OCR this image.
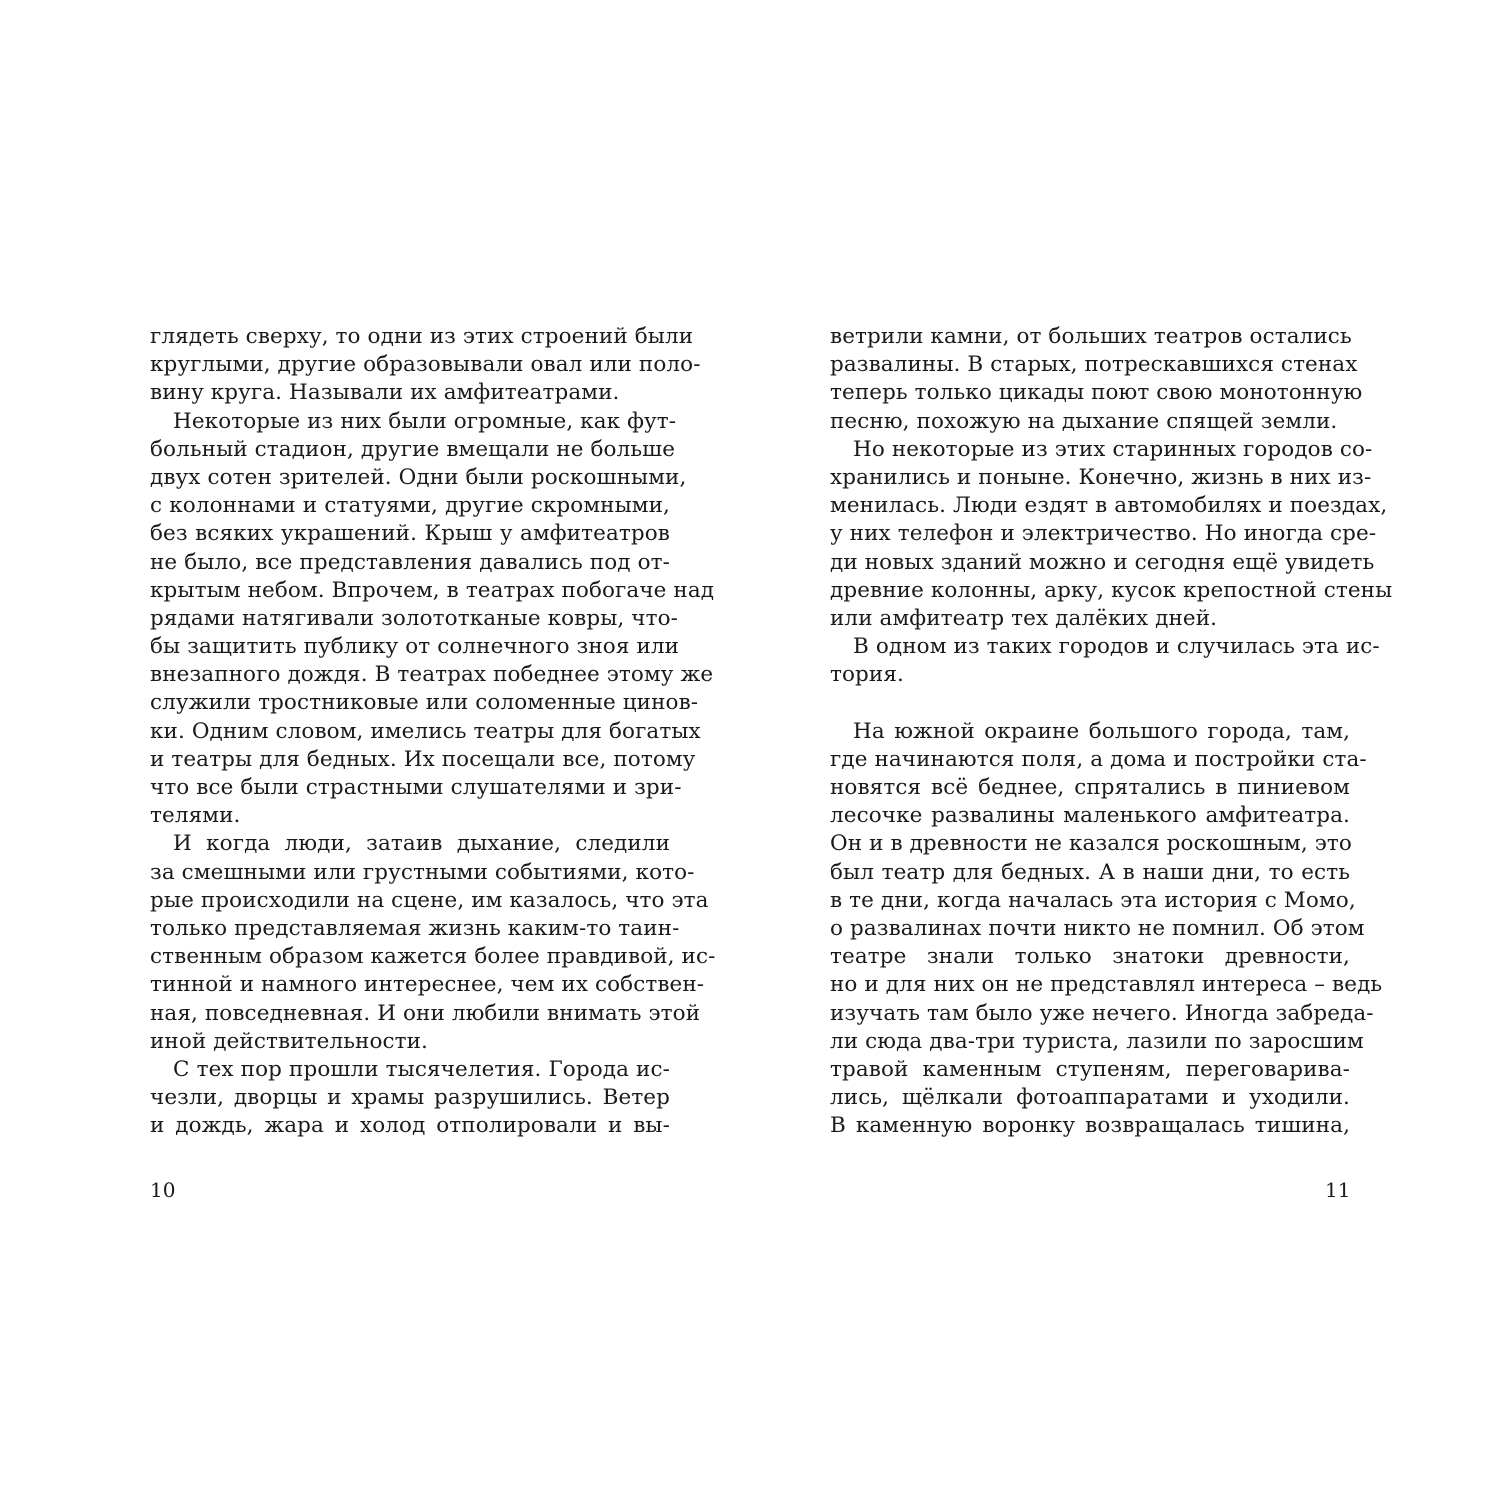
глядеть сверху, то одни из этих строений были
круглыми, другие образовывали овал или поло-
вину круга. Называли их амфитеатрами.
Некоторые из них были огромные, как фут-
больный стадион, другие вмещали не больше
двух сотен зрителей. Одни были роскошными,
с колоннами и статуями, другие скромными,
без всяких украшений. Крыш у амфитеатров
не было, все представления давались под от-
крытым небом. Впрочем, в театрах побогаче над
рядами натягивали золототканые ковры, что-
бы защитить публику от солнечного зноя или
внезапного дождя. В театрах победнее этому же
служили тростниковые или соломенные цинов-
ки. Одним словом, имелись театры для богатых
и театры для бедных. Их посещали все, потому
что все были страстными слушателями и зри-
телями.
И когда люди, затаив дыхание, следили
за смешными или грустными событиями, кото-
рые происходили на сцене, им казалось, что эта
только представляемая жизнь каким-то таин-
ственным образом кажется более правдивой, ис-
тинной и намного интереснее, чем их собствен-
ная, повседневная. И они любили внимать этой
иной действительности.
С тех пор прошли тысячелетия. Города ис-
чезли, дворцы и храмы разрушились. Ветер
и дождь, жара и холод отполировали и вы-
ветрили камни, от больших театров остались
развалины. В старых, потрескавшихся стенах
теперь только цикады поют свою монотонную
песню, похожую на дыхание спящей земли.
Но некоторые из этих старинных городов со-
хранились и поныне. Конечно, жизнь в них из-
менилась. Люди ездят в автомобилях и поездах,
у них телефон и электричество. Но иногда сре-
ди новых зданий можно и сегодня ещё увидеть
древние колонны, арку, кусок крепостной стены
или амфитеатр тех далёких дней.
В одном из таких городов и случилась эта ис-
тория.
На южной окраине большого города, там,
где начинаются поля, а дома и постройки ста-
новятся всё беднее, спрятались в пиниевом
лесочке развалины маленького амфитеатра.
Он и в древности не казался роскошным, это
был театр для бедных. А в наши дни, то есть
в те дни, когда началась эта история с Момо,
о развалинах почти никто не помнил. Об этом
театре знали только знатоки древности,
но и для них он не представлял интереса – ведь
изучать там было уже нечего. Иногда забреда-
ли сюда два-три туриста, лазили по заросшим
травой каменным ступеням, переговарива-
лись, щёлкали фотоаппаратами и уходили.
В каменную воронку возвращалась тишина,
10	11
